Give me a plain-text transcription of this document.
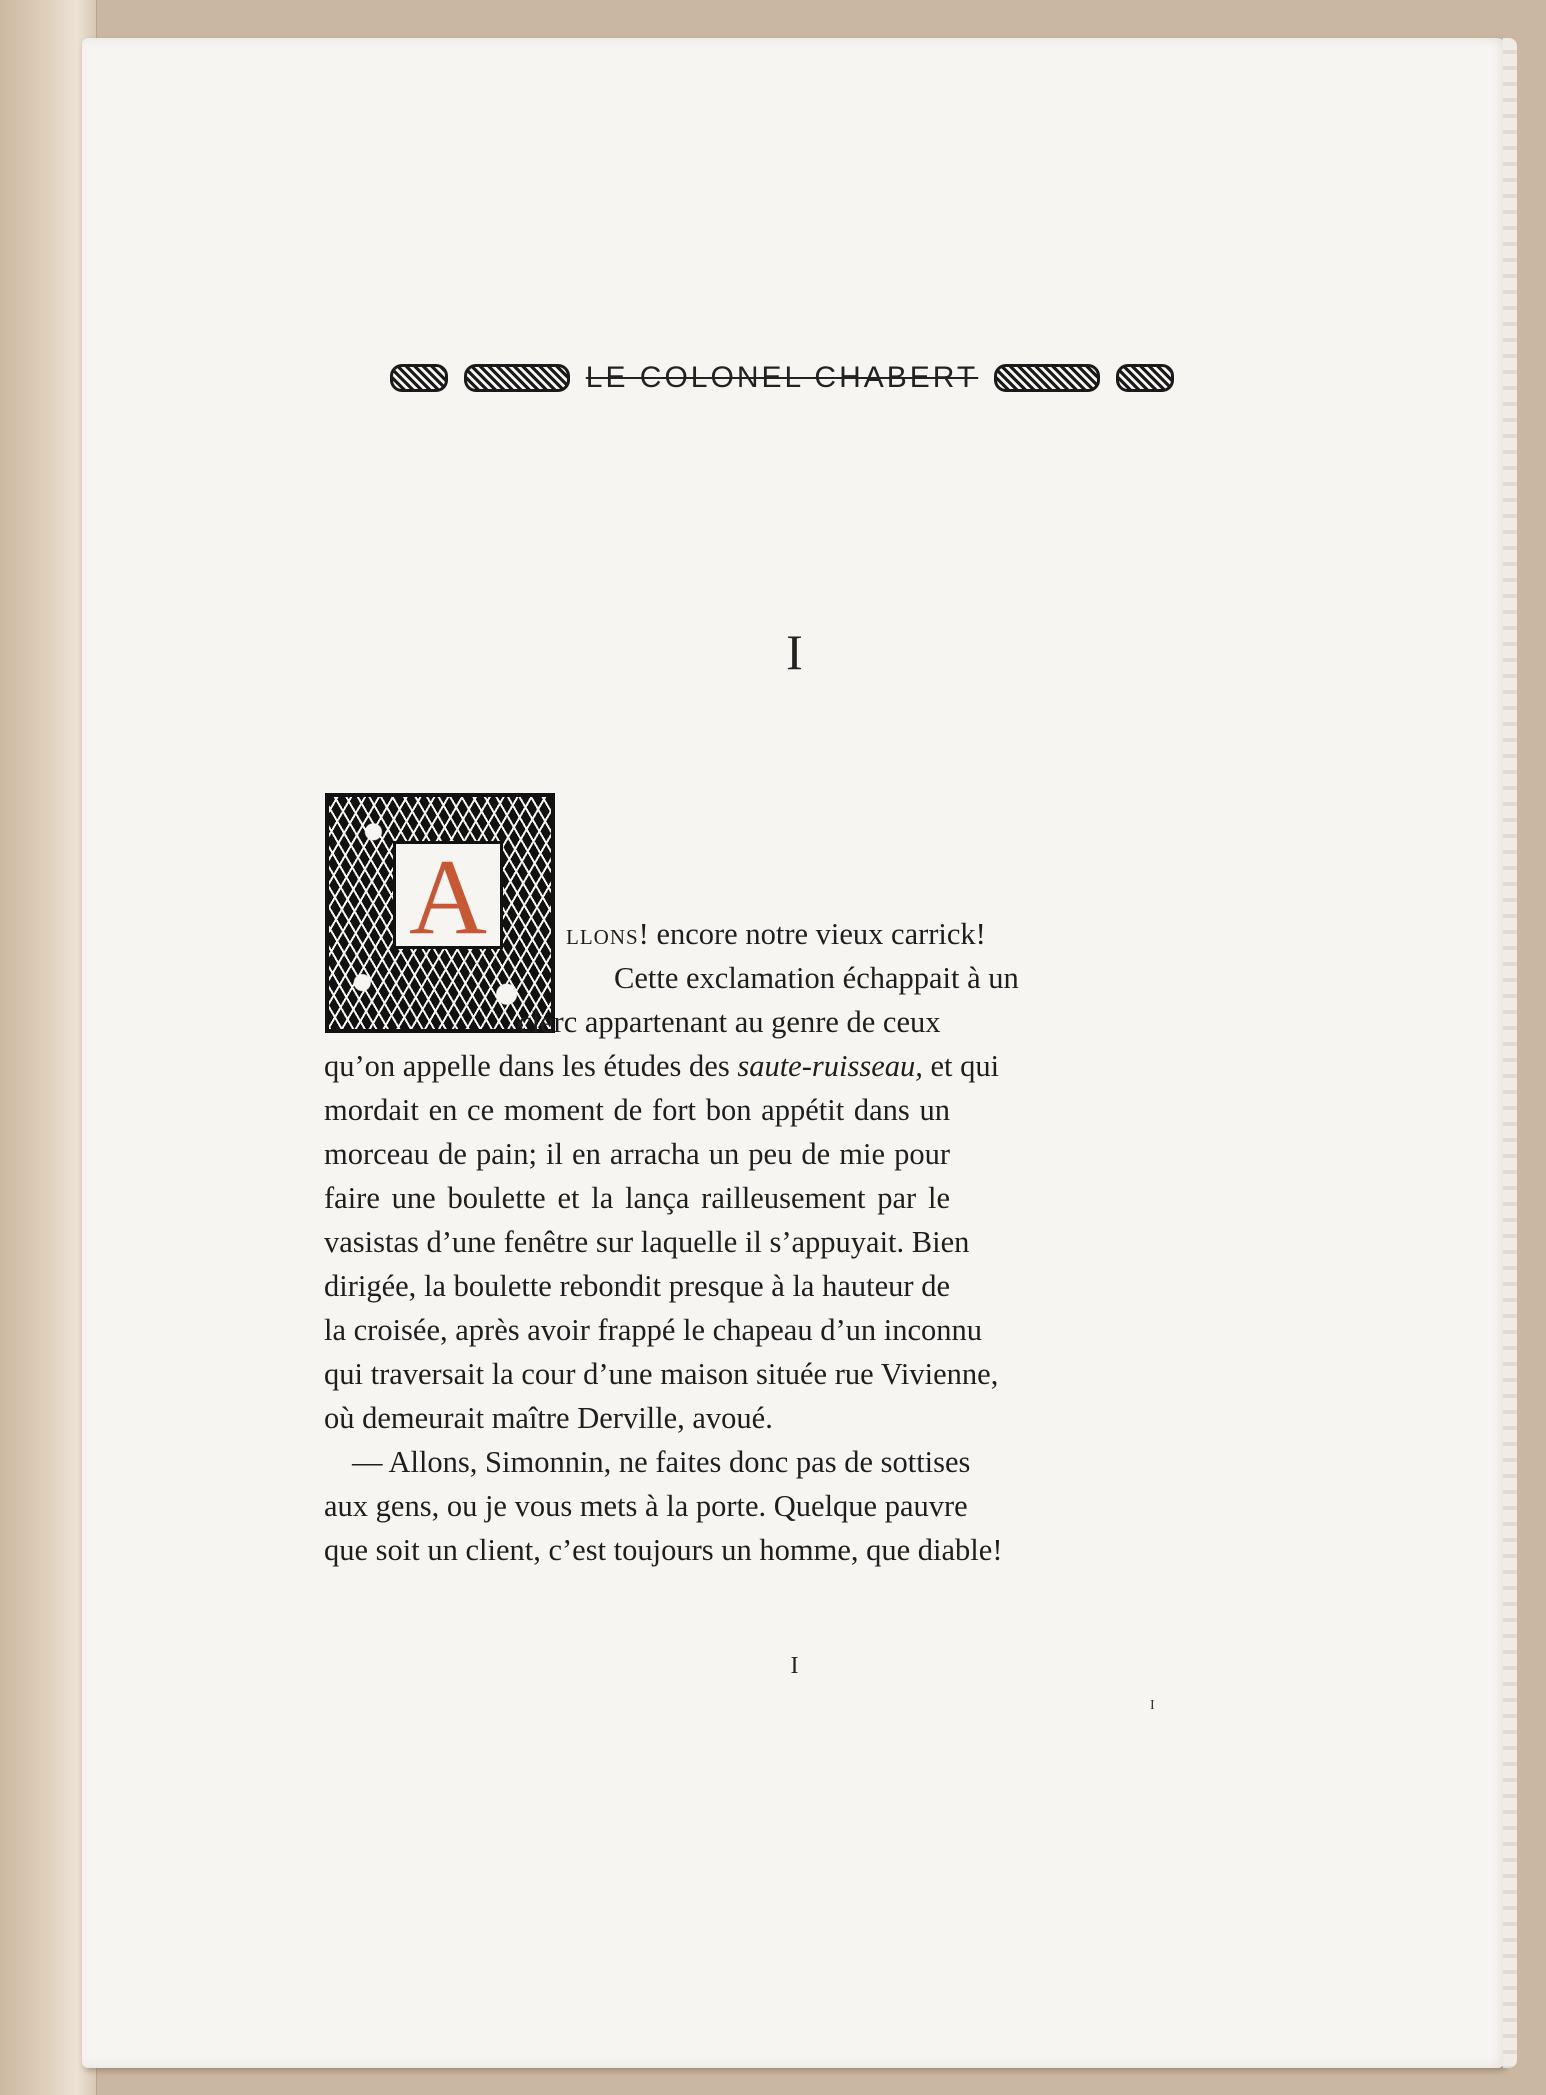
LE COLONEL CHABERT
I
A	llons! encore notre vieux carrick!
Cette exclamation échappait à un
clerc appartenant au genre de ceux
qu’on appelle dans les études des saute-ruisseau, et qui
mordait en ce moment de fort bon appétit dans un
morceau de pain; il en arracha un peu de mie pour
faire une boulette et la lança railleusement par le
vasistas d’une fenêtre sur laquelle il s’appuyait. Bien
dirigée, la boulette rebondit presque à la hauteur de
la croisée, après avoir frappé le chapeau d’un inconnu
qui traversait la cour d’une maison située rue Vivienne,
où demeurait maître Derville, avoué.
— Allons, Simonnin, ne faites donc pas de sottises
aux gens, ou je vous mets à la porte. Quelque pauvre
que soit un client, c’est toujours un homme, que diable!
I
I
